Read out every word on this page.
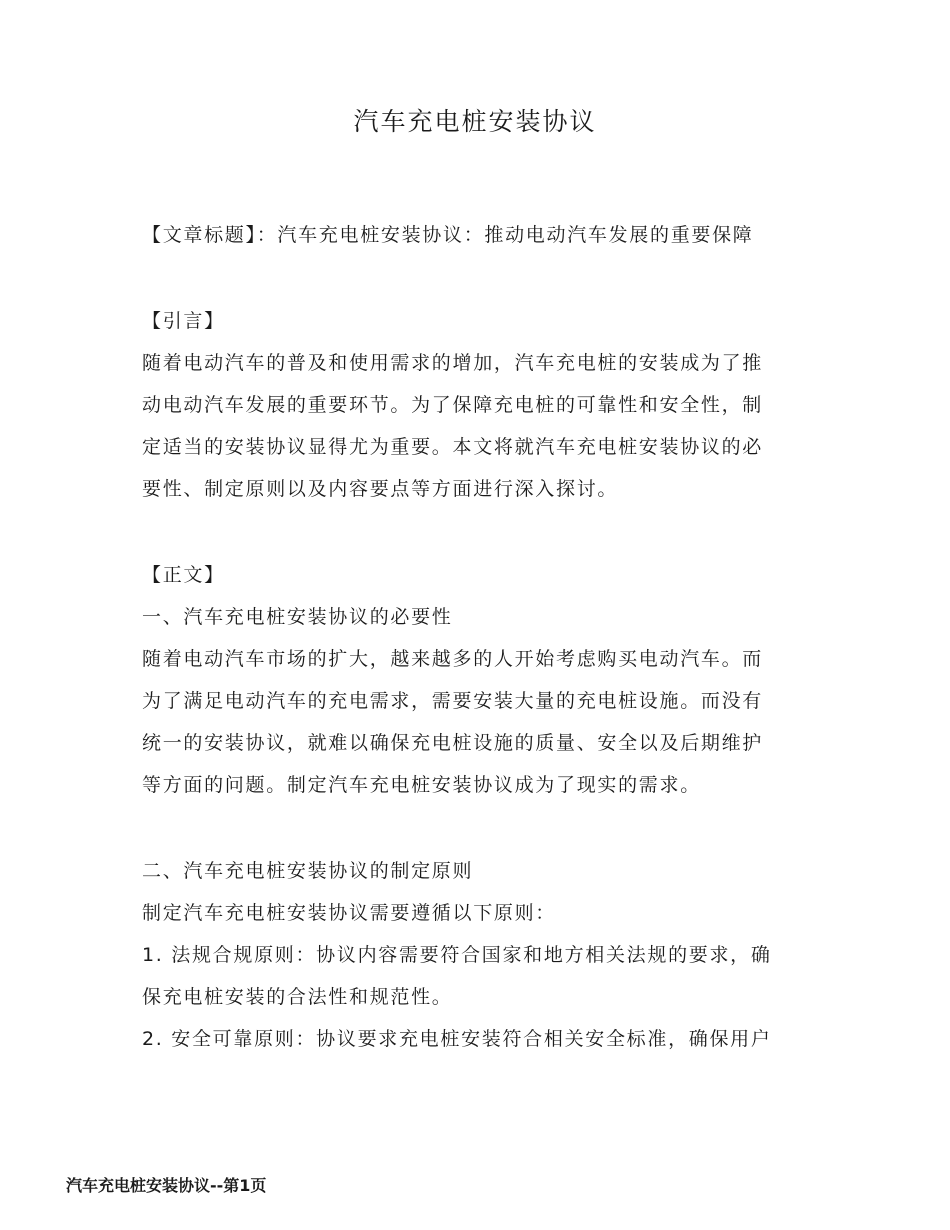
汽车充电桩安装协议
【文章标题】：汽车充电桩安装协议：推动电动汽车发展的重要保障
【引言】
随着电动汽车的普及和使用需求的增加，汽车充电桩的安装成为了推
动电动汽车发展的重要环节。为了保障充电桩的可靠性和安全性，制
定适当的安装协议显得尤为重要。本文将就汽车充电桩安装协议的必
要性、制定原则以及内容要点等方面进行深入探讨。
【正文】
一、汽车充电桩安装协议的必要性
随着电动汽车市场的扩大，越来越多的人开始考虑购买电动汽车。而
为了满足电动汽车的充电需求，需要安装大量的充电桩设施。而没有
统一的安装协议，就难以确保充电桩设施的质量、安全以及后期维护
等方面的问题。制定汽车充电桩安装协议成为了现实的需求。
二、汽车充电桩安装协议的制定原则
制定汽车充电桩安装协议需要遵循以下原则：
1. 法规合规原则：协议内容需要符合国家和地方相关法规的要求，确
保充电桩安装的合法性和规范性。
2. 安全可靠原则：协议要求充电桩安装符合相关安全标准，确保用户
汽车充电桩安装协议--第1页
